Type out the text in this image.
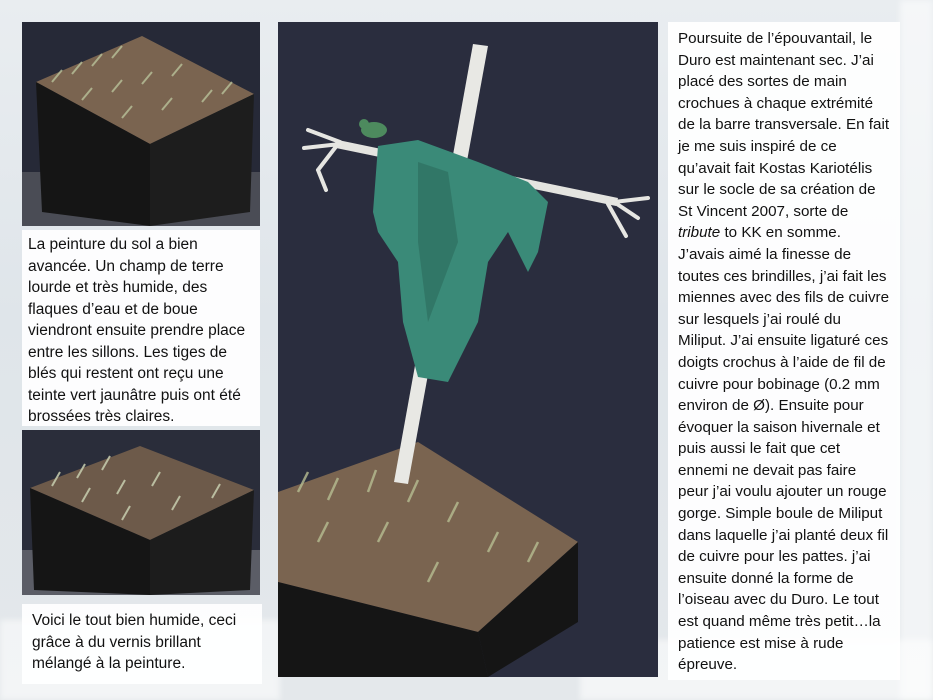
La peinture du sol a bien avancée. Un champ de terre lourde et très humide, des flaques d’eau et de boue viendront ensuite prendre place entre les sillons. Les tiges de blés qui restent ont reçu une teinte vert jaunâtre puis ont été brossées très claires.
Voici le tout bien humide, ceci grâce à du vernis brillant mélangé à la peinture.
Poursuite de l’épouvantail, le Duro est maintenant sec. J’ai placé des sortes de main crochues à chaque extrémité de la barre transversale. En fait je me suis inspiré de ce qu’avait fait Kostas Kariotélis sur le socle de sa création de St Vincent 2007, sorte de tribute to KK en somme. J’avais aimé la finesse de toutes ces brindilles, j’ai fait les miennes avec des fils de cuivre sur lesquels j’ai roulé du Miliput. J’ai ensuite ligaturé ces doigts crochus à l’aide de fil de cuivre pour bobinage (0.2 mm environ de Ø). Ensuite pour évoquer la saison hivernale et puis aussi le fait que cet ennemi ne devait pas faire peur j’ai voulu ajouter un rouge gorge. Simple boule de Miliput dans laquelle j’ai planté deux fil de cuivre pour les pattes. j’ai ensuite donné la forme de l’oiseau avec du Duro. Le tout est quand même très petit…la patience est mise à rude épreuve.
